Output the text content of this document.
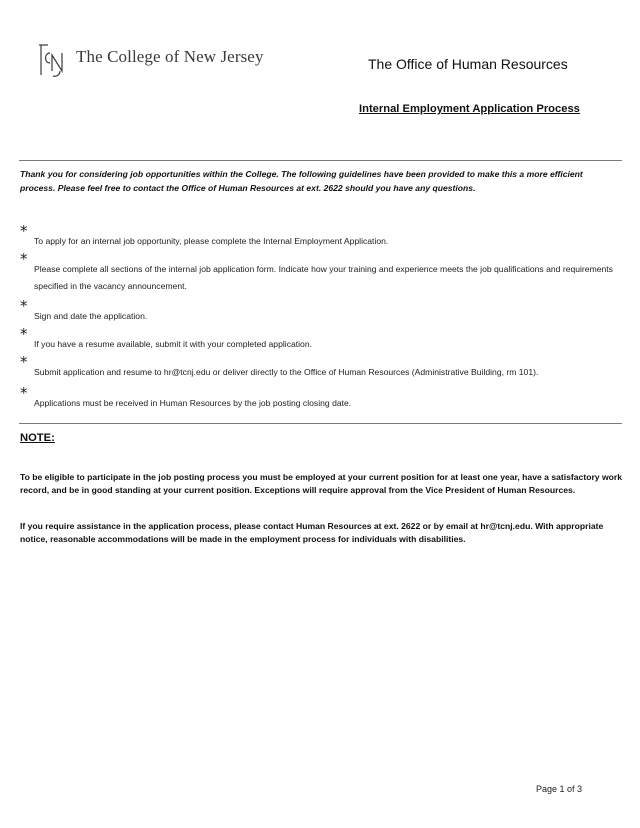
The College of New Jersey	The Office of Human Resources
Internal Employment Application Process
Thank you for considering job opportunities within the College. The following guidelines have been provided to make this a more efficient process. Please feel free to contact the Office of Human Resources at ext. 2622 should you have any questions.
*
To apply for an internal job opportunity, please complete the Internal Employment Application.
*
Please complete all sections of the internal job application form. Indicate how your training and experience meets the job qualifications and requirements specified in the vacancy announcement.
*
Sign and date the application.
*
If you have a resume available, submit it with your completed application.
*
Submit application and resume to hr@tcnj.edu or deliver directly to the Office of Human Resources (Administrative Building, rm 101).
*
Applications must be received in Human Resources by the job posting closing date.
NOTE:
To be eligible to participate in the job posting process you must be employed at your current position for at least one year, have a satisfactory work record, and be in good standing at your current position. Exceptions will require approval from the Vice President of Human Resources.
If you require assistance in the application process, please contact Human Resources at ext. 2622 or by email at hr@tcnj.edu. With appropriate notice, reasonable accommodations will be made in the employment process for individuals with disabilities.
Page 1 of 3
